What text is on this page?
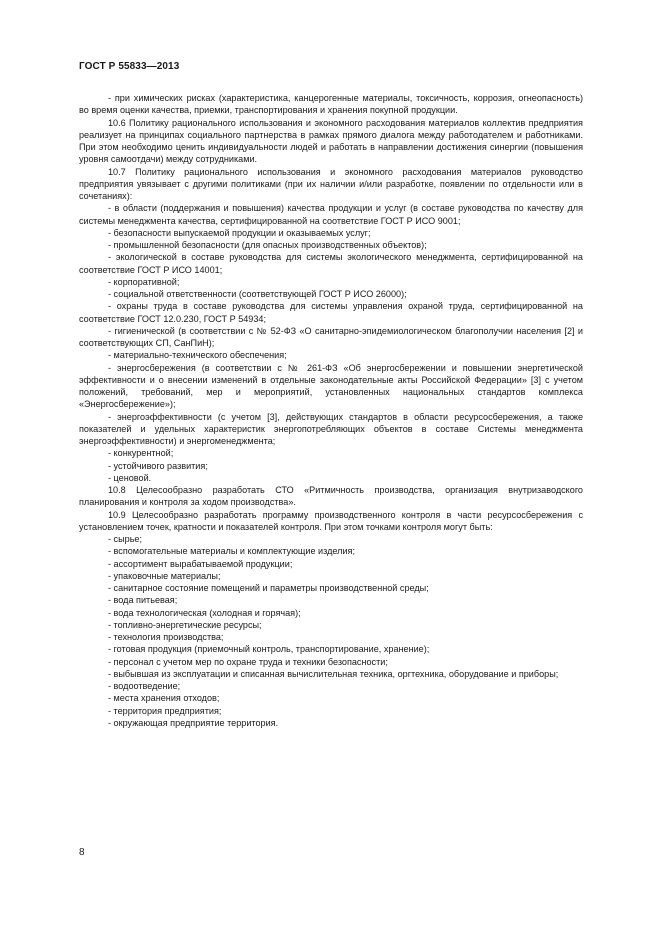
ГОСТ Р 55833—2013

- при химических рисках (характеристика, канцерогенные материалы, токсичность, коррозия, огнеопасность) во время оценки качества, приемки, транспортирования и хранения покупной продукции.

10.6 Политику рационального использования и экономного расходования материалов коллектив предприятия реализует на принципах социального партнерства в рамках прямого диалога между работодателем и работниками. При этом необходимо ценить индивидуальности людей и работать в направлении достижения синергии (повышения уровня самоотдачи) между сотрудниками.

10.7 Политику рационального использования и экономного расходования материалов руководство предприятия увязывает с другими политиками (при их наличии и/или разработке, появлении по отдельности или в сочетаниях):

- в области (поддержания и повышения) качества продукции и услуг (в составе руководства по качеству для системы менеджмента качества, сертифицированной на соответствие ГОСТ Р ИСО 9001;

- безопасности выпускаемой продукции и оказываемых услуг;

- промышленной безопасности (для опасных производственных объектов);

- экологической в составе руководства для системы экологического менеджмента, сертифицированной на соответствие ГОСТ Р ИСО 14001;

- корпоративной;

- социальной ответственности (соответствующей ГОСТ Р ИСО 26000);

- охраны труда в составе руководства для системы управления охраной труда, сертифицированной на соответствие ГОСТ 12.0.230, ГОСТ Р 54934;

- гигиенической (в соответствии с № 52-ФЗ «О санитарно-эпидемиологическом благополучии населения [2] и соответствующих СП, СанПиН);

- материально-технического обеспечения;

- энергосбережения (в соответствии с № 261-ФЗ «Об энергосбережении и повышении энергетической эффективности и о внесении изменений в отдельные законодательные акты Российской Федерации» [3] с учетом положений, требований, мер и мероприятий, установленных национальных стандартов комплекса «Энергосбережение»);

- энергоэффективности (с учетом [3], действующих стандартов в области ресурсосбережения, а также показателей и удельных характеристик энергопотребляющих объектов в составе Системы менеджмента энергоэффективности) и энергоменеджмента;

- конкурентной;

- устойчивого развития;

- ценовой.

10.8 Целесообразно разработать СТО «Ритмичность производства, организация внутризаводского планирования и контроля за ходом производства».

10.9 Целесообразно разработать программу производственного контроля в части ресурсосбережения с установлением точек, кратности и показателей контроля. При этом точками контроля могут быть:

- сырье;

- вспомогательные материалы и комплектующие изделия;

- ассортимент вырабатываемой продукции;

- упаковочные материалы;

- санитарное состояние помещений и параметры производственной среды;

- вода питьевая;

- вода технологическая (холодная и горячая);

- топливно-энергетические ресурсы;

- технология производства;

- готовая продукция (приемочный контроль, транспортирование, хранение);

- персонал с учетом мер по охране труда и техники безопасности;

- выбывшая из эксплуатации и списанная вычислительная техника, оргтехника, оборудование и приборы;

- водоотведение;

- места хранения отходов;

- территория предприятия;

- окружающая предприятие территория.

8
